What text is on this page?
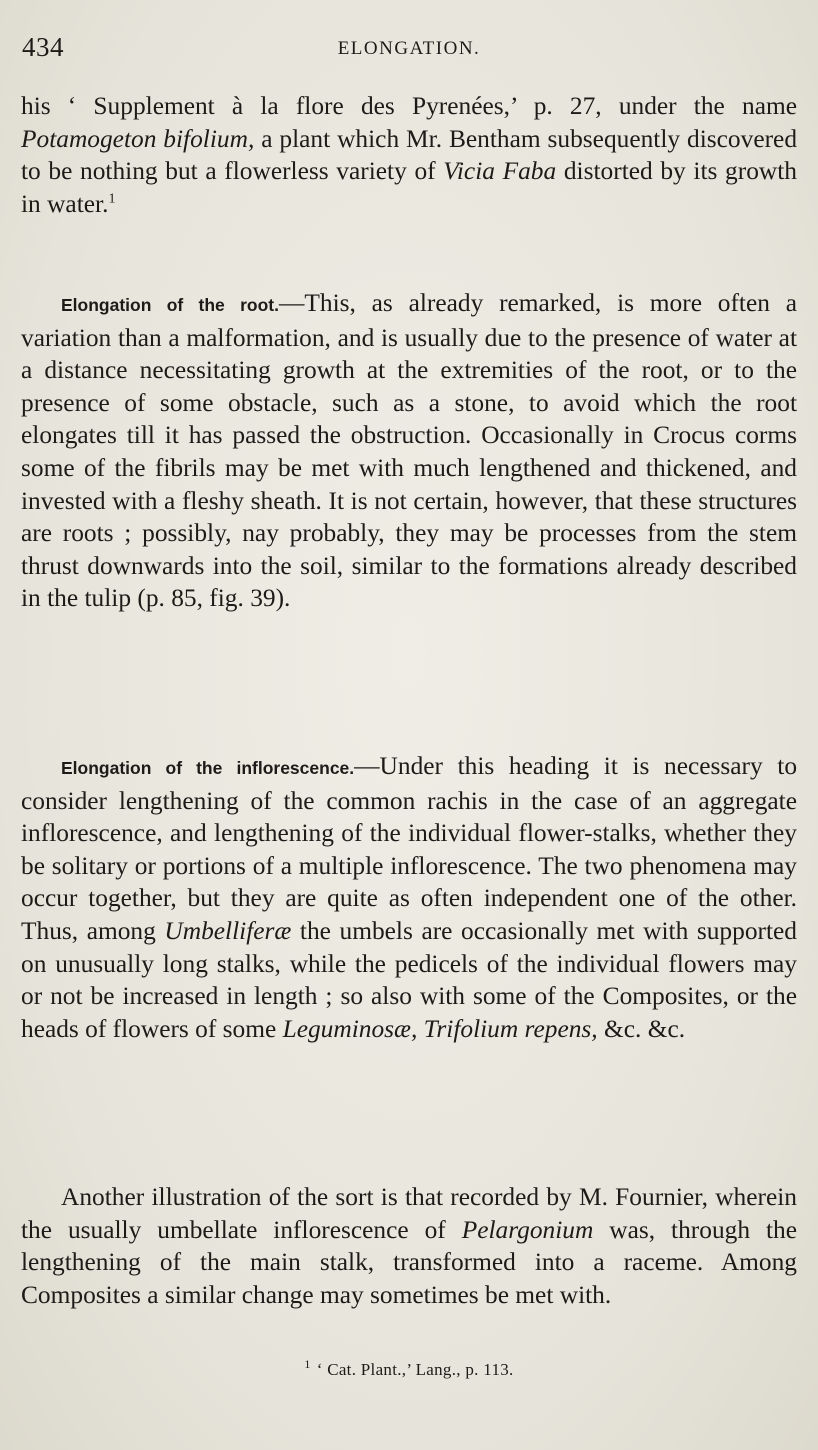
434	ELONGATION.
his ‘ Supplement à la flore des Pyrenées,’ p. 27, under the name Potamogeton bifolium, a plant which Mr. Bentham subsequently discovered to be nothing but a flowerless variety of Vicia Faba distorted by its growth in water.$^1$
Elongation of the root.—This, as already remarked, is more often a variation than a malformation, and is usually due to the presence of water at a distance necessitating growth at the extremities of the root, or to the presence of some obstacle, such as a stone, to avoid which the root elongates till it has passed the obstruction. Occasionally in Crocus corms some of the fibrils may be met with much lengthened and thickened, and invested with a fleshy sheath. It is not certain, however, that these structures are roots ; possibly, nay probably, they may be processes from the stem thrust downwards into the soil, similar to the formations already described in the tulip (p. 85, fig. 39).
Elongation of the inflorescence.—Under this heading it is necessary to consider lengthening of the common rachis in the case of an aggregate inflorescence, and lengthening of the individual flower-stalks, whether they be solitary or portions of a multiple inflorescence. The two phenomena may occur together, but they are quite as often independent one of the other. Thus, among Umbelliferæ the umbels are occasionally met with supported on unusually long stalks, while the pedicels of the individual flowers may or not be increased in length ; so also with some of the Composites, or the heads of flowers of some Leguminosæ, Trifolium repens, &c. &c.
Another illustration of the sort is that recorded by M. Fournier, wherein the usually umbellate inflorescence of Pelargonium was, through the lengthening of the main stalk, transformed into a raceme. Among Composites a similar change may sometimes be met with.
$^1$ ‘ Cat. Plant.,’ Lang., p. 113.
